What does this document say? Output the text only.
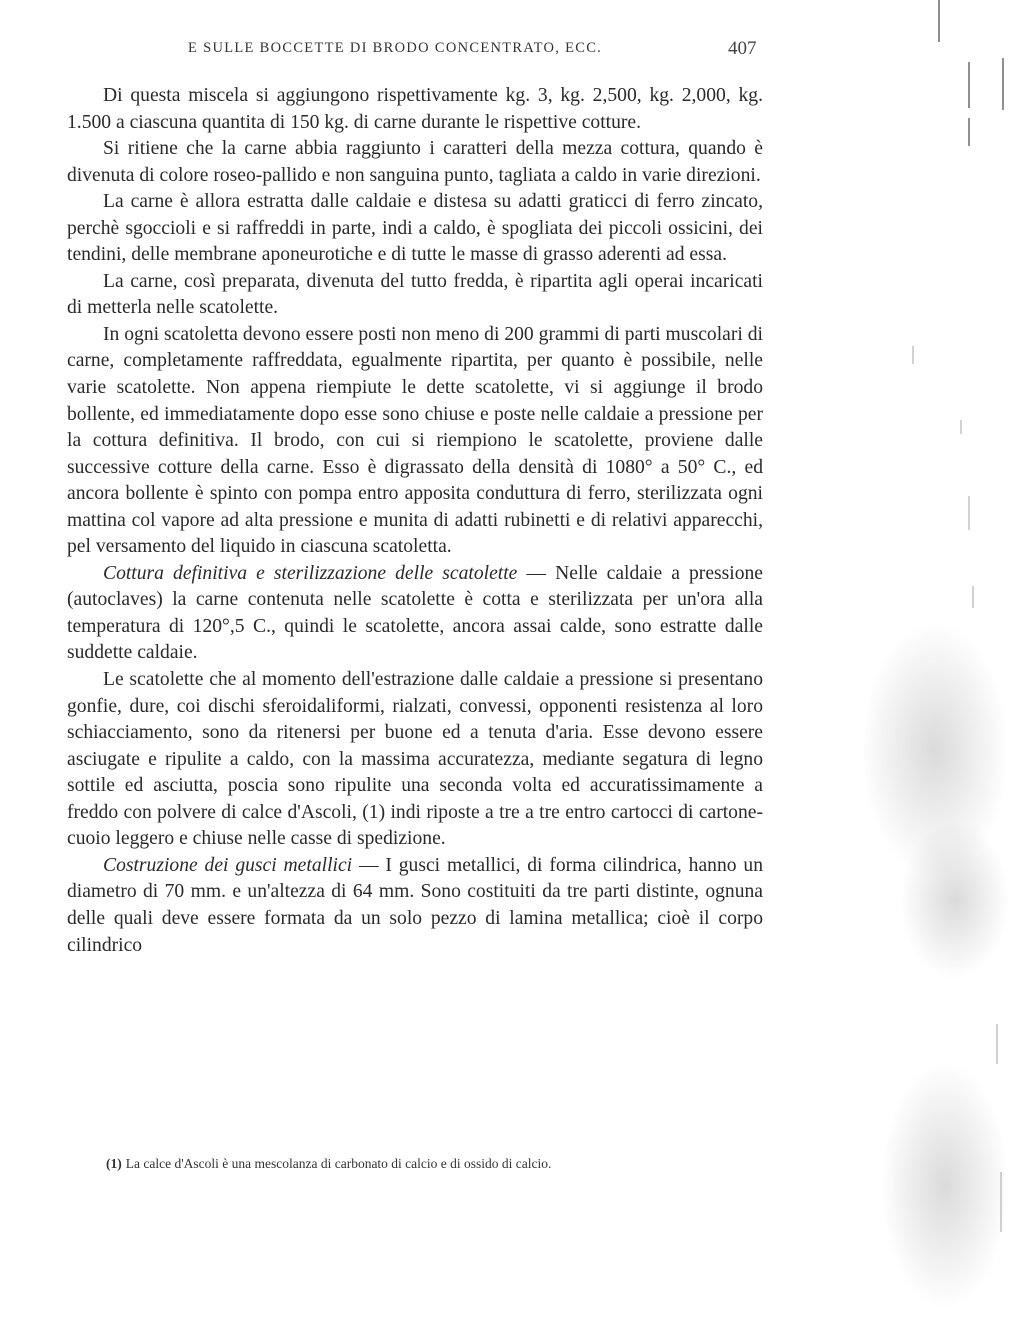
E SULLE BOCCETTE DI BRODO CONCENTRATO, ECC.	407

Di questa miscela si aggiungono rispettivamente kg. 3, kg. 2,500, kg. 2,000, kg. 1.500 a ciascuna quantita di 150 kg. di carne durante le rispettive cotture.

Si ritiene che la carne abbia raggiunto i caratteri della mezza cottura, quando è divenuta di colore roseo-pallido e non sanguina punto, tagliata a caldo in varie direzioni.

La carne è allora estratta dalle caldaie e distesa su adatti graticci di ferro zincato, perchè sgoccioli e si raffreddi in parte, indi a caldo, è spogliata dei piccoli ossicini, dei tendini, delle membrane aponeurotiche e di tutte le masse di grasso aderenti ad essa.

La carne, così preparata, divenuta del tutto fredda, è ripartita agli operai incaricati di metterla nelle scatolette.

In ogni scatoletta devono essere posti non meno di 200 grammi di parti muscolari di carne, completamente raffreddata, egualmente ripartita, per quanto è possibile, nelle varie scatolette. Non appena riempiute le dette scatolette, vi si aggiunge il brodo bollente, ed immediatamente dopo esse sono chiuse e poste nelle caldaie a pressione per la cottura definitiva. Il brodo, con cui si riempiono le scatolette, proviene dalle successive cotture della carne. Esso è digrassato della densità di 1080° a 50° C., ed ancora bollente è spinto con pompa entro apposita conduttura di ferro, sterilizzata ogni mattina col vapore ad alta pressione e munita di adatti rubinetti e di relativi apparecchi, pel versamento del liquido in ciascuna scatoletta.

Cottura definitiva e sterilizzazione delle scatolette — Nelle caldaie a pressione (autoclaves) la carne contenuta nelle scatolette è cotta e sterilizzata per un'ora alla temperatura di 120°,5 C., quindi le scatolette, ancora assai calde, sono estratte dalle suddette caldaie.

Le scatolette che al momento dell'estrazione dalle caldaie a pressione si presentano gonfie, dure, coi dischi sferoidaliformi, rialzati, convessi, opponenti resistenza al loro schiacciamento, sono da ritenersi per buone ed a tenuta d'aria. Esse devono essere asciugate e ripulite a caldo, con la massima accuratezza, mediante segatura di legno sottile ed asciutta, poscia sono ripulite una seconda volta ed accuratissimamente a freddo con polvere di calce d'Ascoli, (1) indi riposte a tre a tre entro cartocci di cartone-cuoio leggero e chiuse nelle casse di spedizione.

Costruzione dei gusci metallici — I gusci metallici, di forma cilindrica, hanno un diametro di 70 mm. e un'altezza di 64 mm. Sono costituiti da tre parti distinte, ognuna delle quali deve essere formata da un solo pezzo di lamina metallica; cioè il corpo cilindrico

(1) La calce d'Ascoli è una mescolanza di carbonato di calcio e di ossido di calcio.
